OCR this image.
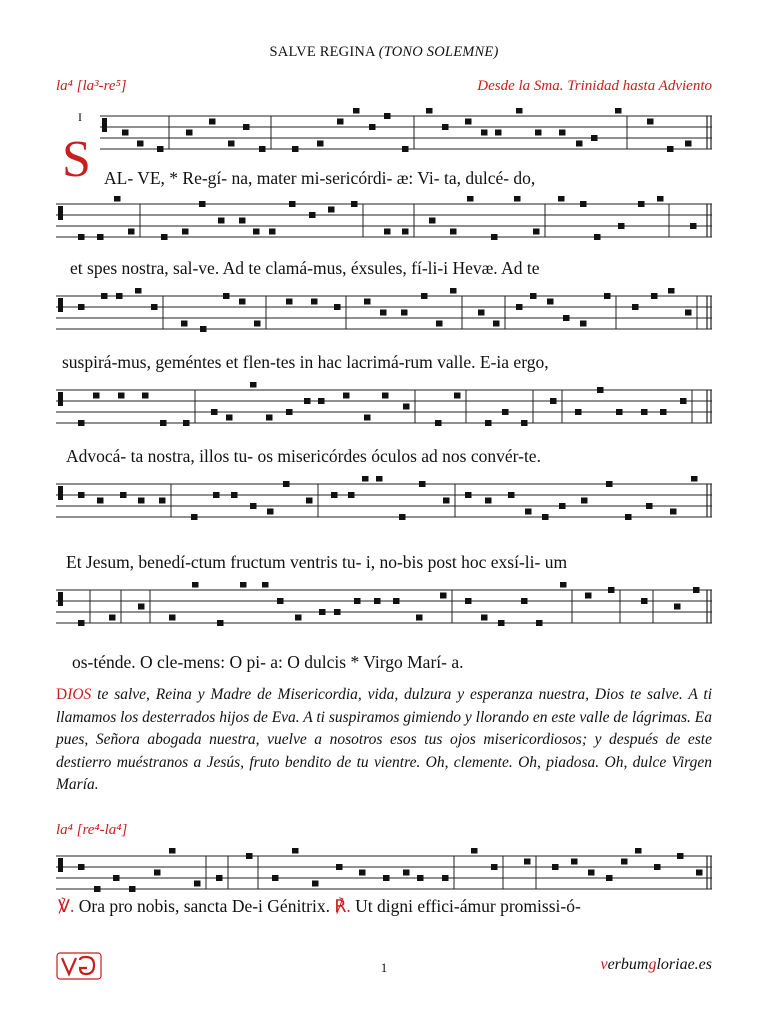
SALVE REGINA (TONO SOLEMNE)
la⁴ [la³-re⁵]	Desde la Sma. Trinidad hasta Adviento
I
S AL- VE, * Re-gí- na, mater mi-sericórdi- æ: Vi- ta, dulcé- do,
et spes nostra, sal-ve. Ad te clamá-mus, éxsules, fí-li-i Hevæ. Ad te
suspirá-mus, geméntes et flen-tes in hac lacrimá-rum valle. E-ia ergo,
Advocá- ta nostra, illos tu- os misericórdes óculos ad nos convér-te.
Et Jesum, benedí-ctum fructum ventris tu- i, no-bis post hoc exsí-li- um
os-ténde. O cle-mens: O pi- a: O dulcis * Virgo Marí- a.
DIOS te salve, Reina y Madre de Misericordia, vida, dulzura y esperanza nuestra, Dios te salve. A ti llamamos los desterrados hijos de Eva. A ti suspiramos gimiendo y llorando en este valle de lágrimas. Ea pues, Señora abogada nuestra, vuelve a nosotros esos tus ojos misericordiosos; y después de este destierro muéstranos a Jesús, fruto bendito de tu vientre. Oh, clemente. Oh, piadosa. Oh, dulce Virgen María.
la⁴ [re⁴-la⁴]
℣. Ora pro nobis, sancta De-i Génitrix. ℟. Ut digni effici-ámur promissi-ó-
1	verbumgloriae.es
